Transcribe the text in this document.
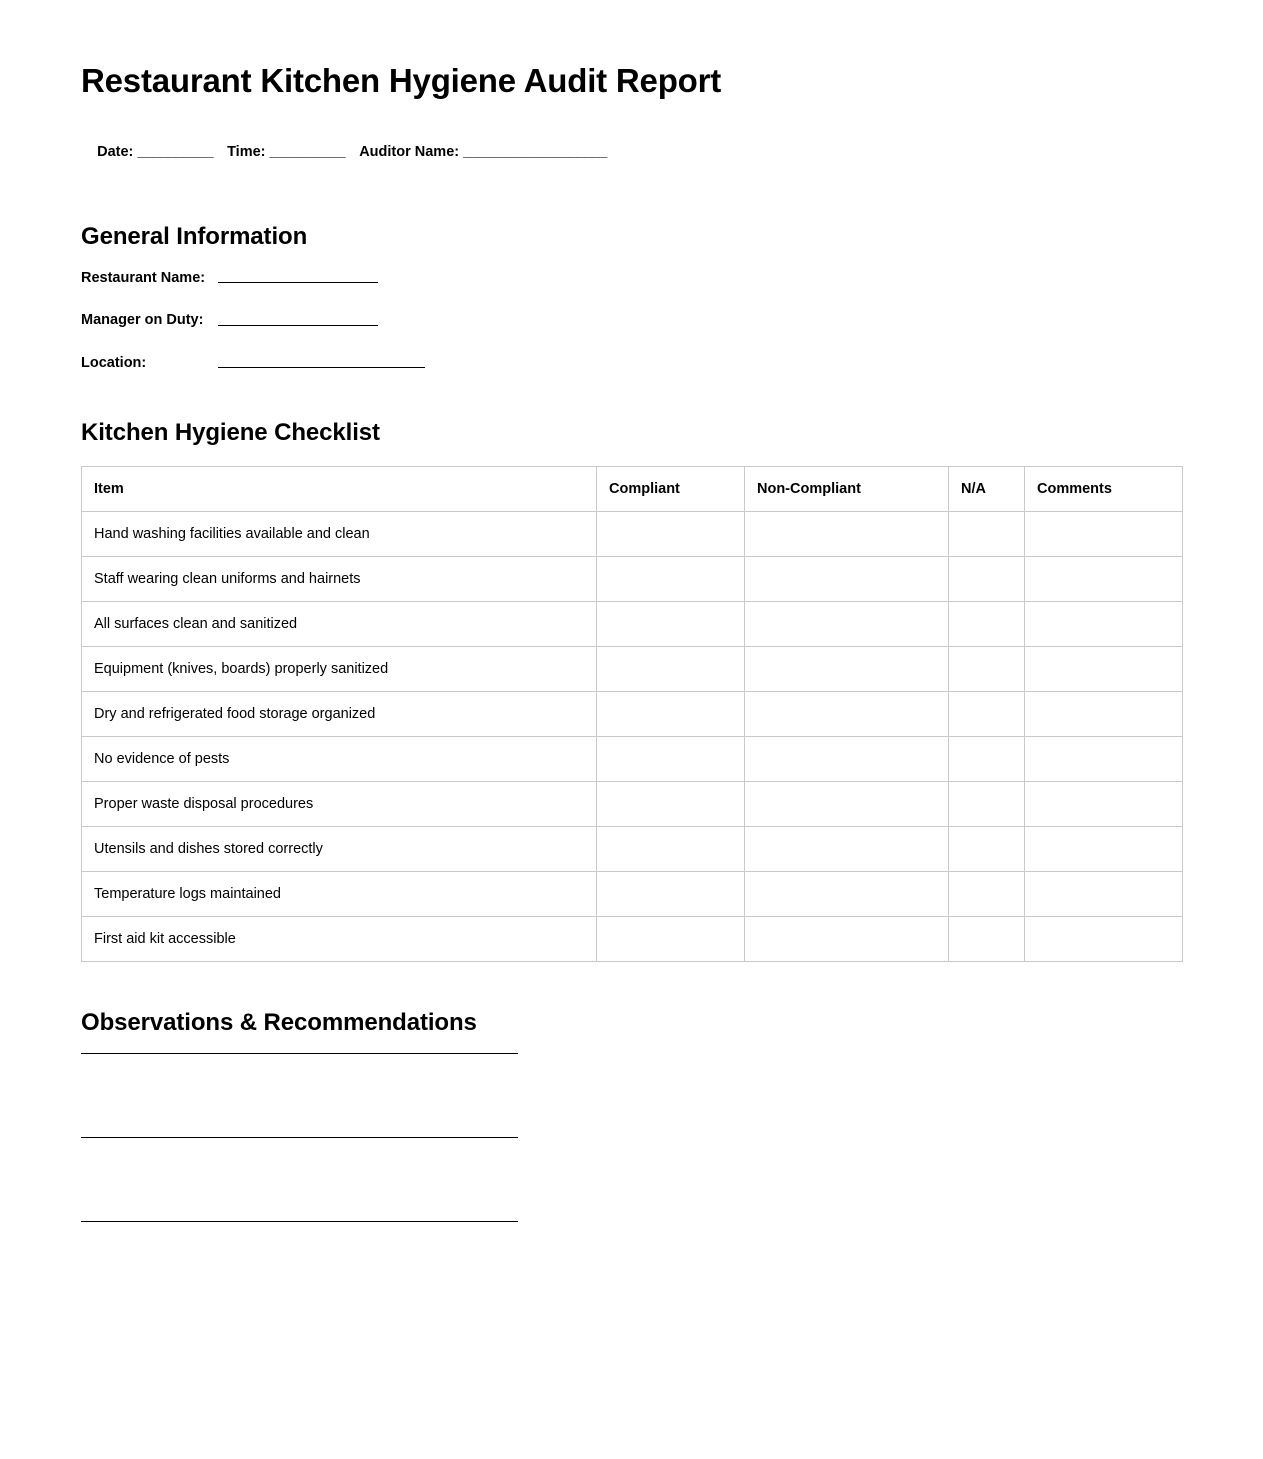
Restaurant Kitchen Hygiene Audit Report

Date: __________ Time: __________ Auditor Name: ___________________

General Information
Restaurant Name:
Manager on Duty:
Location:
Kitchen Hygiene Checklist
Item	Compliant	Non-Compliant	N/A	Comments
Hand washing facilities available and clean				
Staff wearing clean uniforms and hairnets				
All surfaces clean and sanitized				
Equipment (knives, boards) properly sanitized				
Dry and refrigerated food storage organized				
No evidence of pests				
Proper waste disposal procedures				
Utensils and dishes stored correctly				
Temperature logs maintained				
First aid kit accessible				
Observations & Recommendations
